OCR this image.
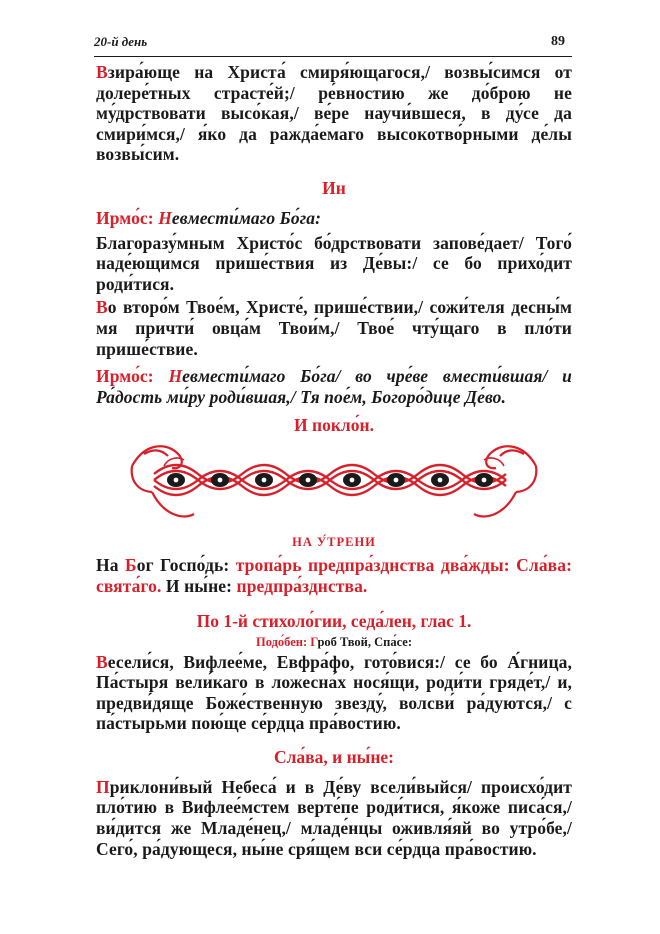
20-й день	89

Взира́юще на Христа́ смиря́ющагося,/ возвы́симся от долере́тных страсте́й;/ ре́вностию же до́брою не му́дрствовати высо́кая,/ ве́ре научи́вшеся, в ду́се да смири́мся,/ я́ко да ражда́емаго высокотво́рными де́лы возвы́сим.

Ин

Ирмо́с: Невмести́маго Бо́га:

Благоразу́мным Христо́с бо́дрствовати запове́дает/ Того́ наде́ющимся прише́ствия из Де́вы:/ се бо прихо́дит роди́тися.

Во второ́м Твое́м, Христе́, прише́ствии,/ сожи́теля десны́м мя причти́ овца́м Твои́м,/ Твое́ чту́щаго в пло́ти прише́ствие.

Ирмо́с: Невмести́маго Бо́га/ во чре́ве вмести́вшая/ и Ра́дость ми́ру роди́вшая,/ Тя пое́м, Богоро́дице Де́во.

И покло́н.

НА У́ТРЕНИ

На Бог Госпо́дь: тропа́рь предпра́зднства два́жды: Сла́ва: свята́го. И ны́не: предпра́зднства.

По 1-й стихоло́гии, седа́лен, глас 1.

Подо́бен: Гроб Твой, Спа́се:

Весели́ся, Вифлее́ме, Евфра́фо, гото́вися:/ се бо А́гница, Па́стыря вели́каго в ложесна́х нося́щи, роди́ти гряде́т,/ и, предви́дяще Боже́ственную звезду́, волсви́ ра́дуются,/ с па́стырьми пою́ще се́рдца пра́востию.

Сла́ва, и ны́не:

Приклони́вый Небеса́ и в Де́ву всели́выйся/ происхо́дит пло́тию в Вифлее́мстем верте́пе роди́тися, я́коже писа́ся,/ ви́дится же Младе́нец,/ младе́нцы оживля́яй во утро́бе,/ Сего́, ра́дующеся, ны́не сря́щем вси се́рдца пра́востию.
